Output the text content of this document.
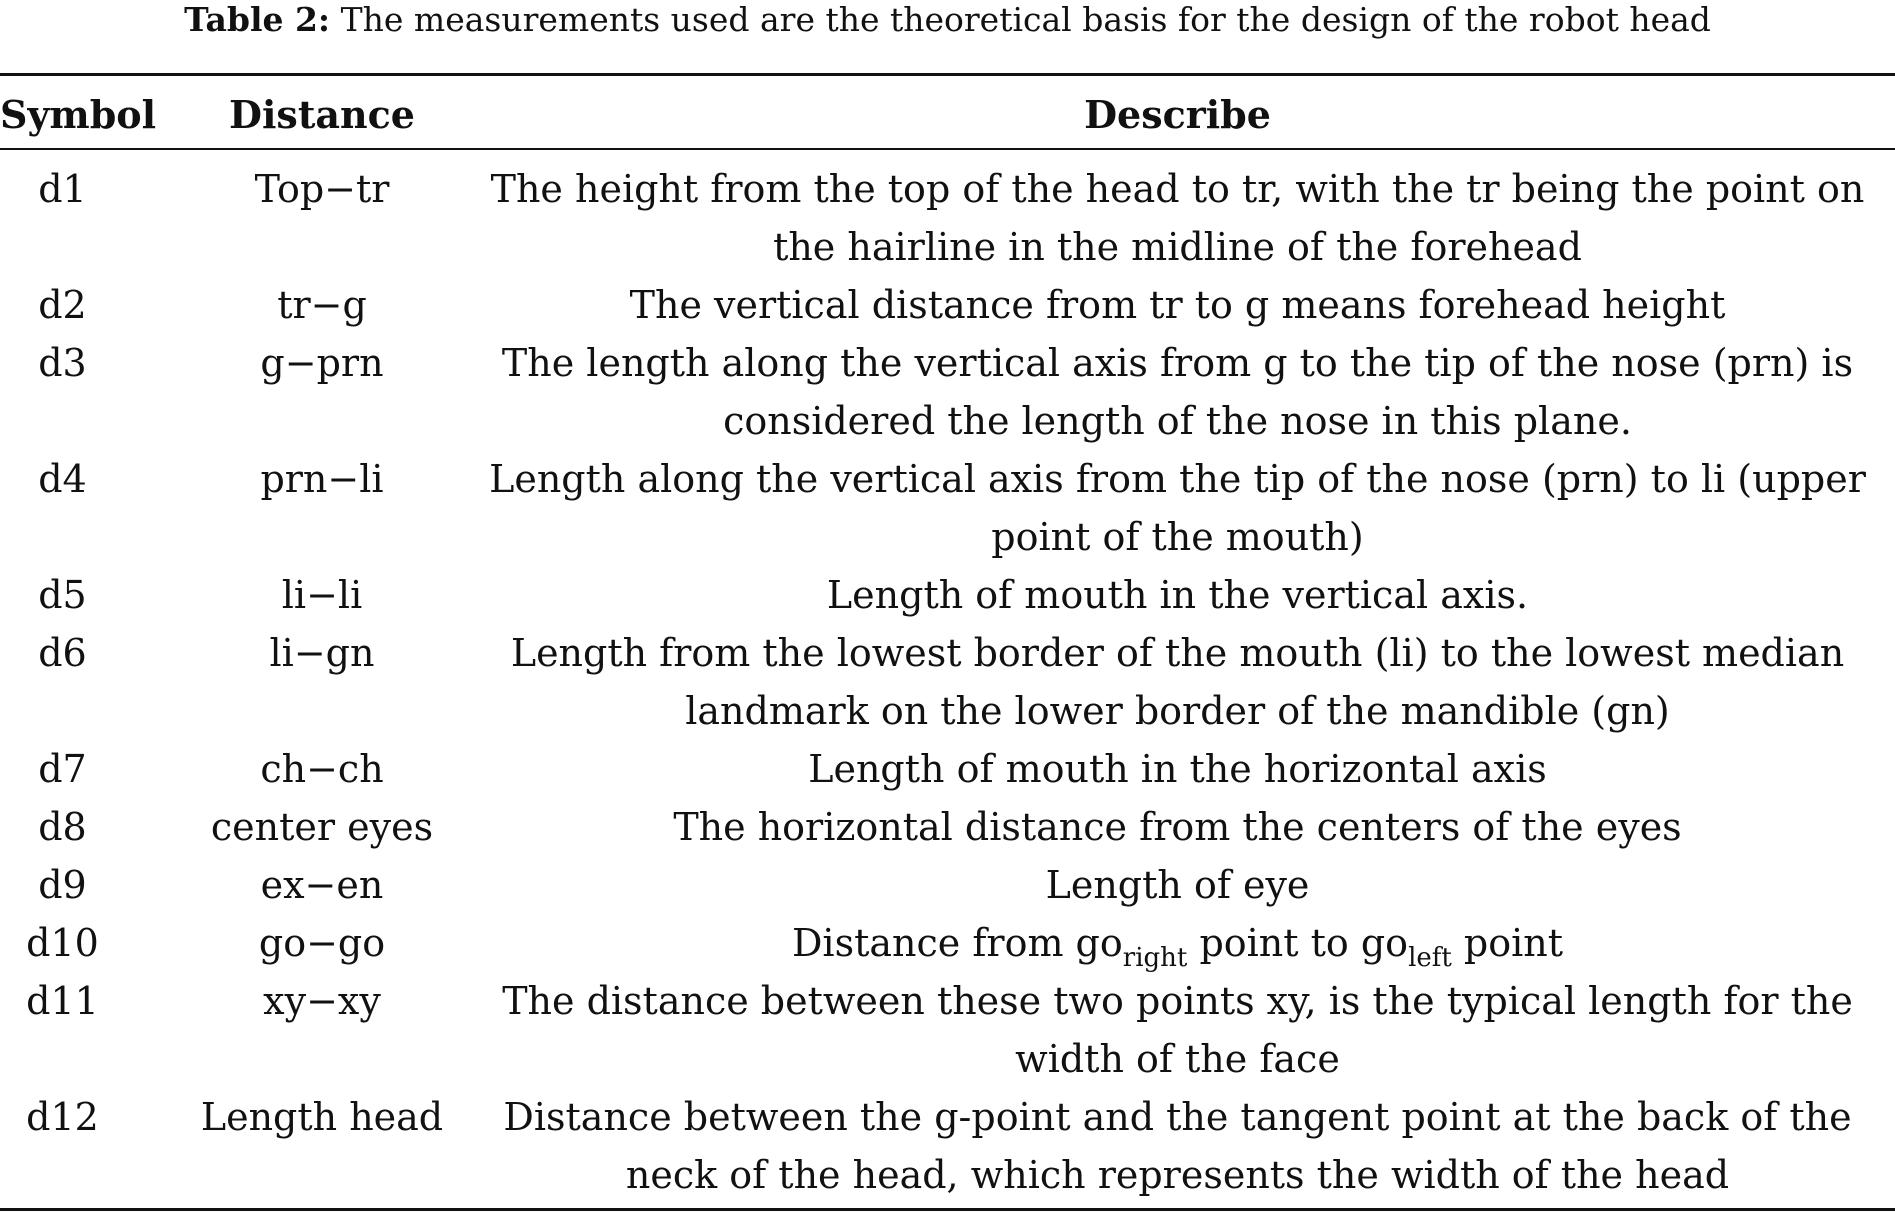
Table 2: The measurements used are the theoretical basis for the design of the robot head
Symbol	Distance	Describe
d1	Top−tr	The height from the top of the head to tr, with the tr being the point on the hairline in the midline of the forehead
d2	tr−g	The vertical distance from tr to g means forehead height
d3	g−prn	The length along the vertical axis from g to the tip of the nose (prn) is considered the length of the nose in this plane.
d4	prn−li	Length along the vertical axis from the tip of the nose (prn) to li (upper point of the mouth)
d5	li−li	Length of mouth in the vertical axis.
d6	li−gn	Length from the lowest border of the mouth (li) to the lowest median landmark on the lower border of the mandible (gn)
d7	ch−ch	Length of mouth in the horizontal axis
d8	center eyes	The horizontal distance from the centers of the eyes
d9	ex−en	Length of eye
d10	go−go	Distance from $go_{right}$ point to $go_{left}$ point
d11	xy−xy	The distance between these two points xy, is the typical length for the width of the face
d12	Length head	Distance between the g-point and the tangent point at the back of the neck of the head, which represents the width of the head
